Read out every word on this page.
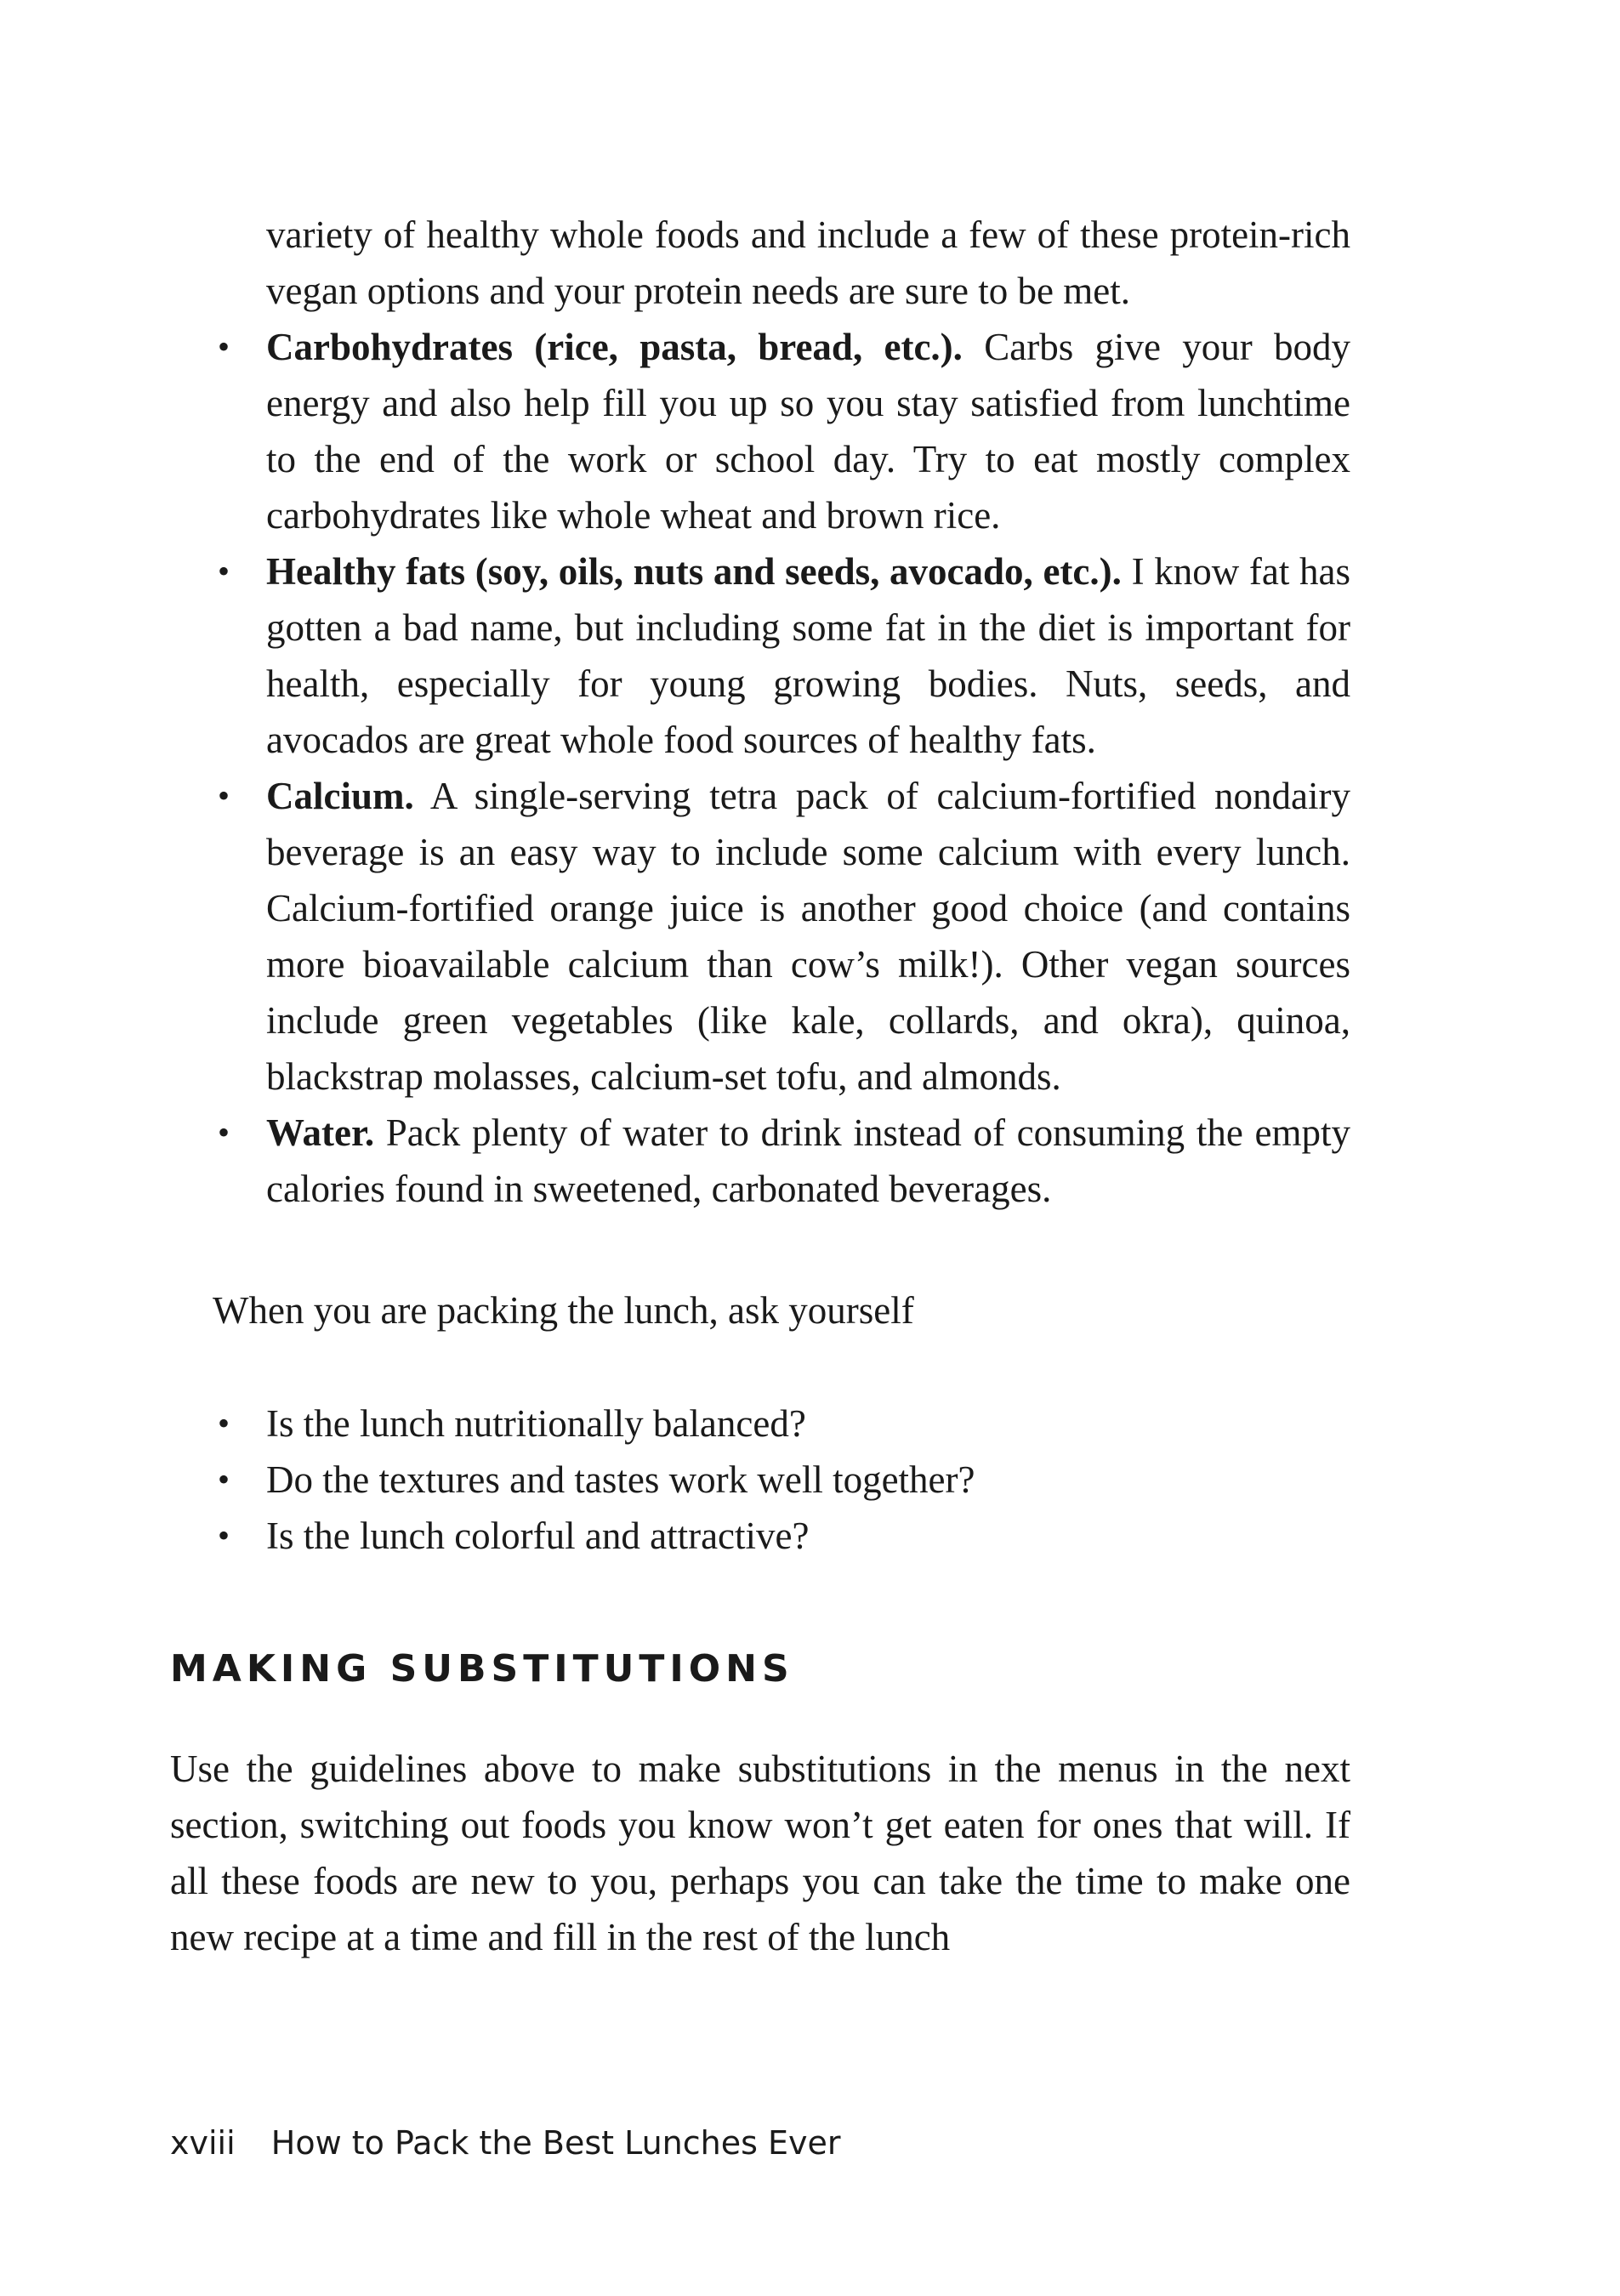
variety of healthy whole foods and include a few of these protein-rich vegan options and your protein needs are sure to be met.

• Carbohydrates (rice, pasta, bread, etc.). Carbs give your body energy and also help fill you up so you stay satisfied from lunchtime to the end of the work or school day. Try to eat mostly complex carbohydrates like whole wheat and brown rice.
• Healthy fats (soy, oils, nuts and seeds, avocado, etc.). I know fat has gotten a bad name, but including some fat in the diet is important for health, especially for young growing bodies. Nuts, seeds, and avocados are great whole food sources of healthy fats.
• Calcium. A single-serving tetra pack of calcium-fortified nondairy beverage is an easy way to include some calcium with every lunch. Calcium-fortified orange juice is another good choice (and contains more bioavailable calcium than cow’s milk!). Other vegan sources include green vegetables (like kale, collards, and okra), quinoa, blackstrap molasses, calcium-set tofu, and almonds.
• Water. Pack plenty of water to drink instead of consuming the empty calories found in sweetened, carbonated beverages.

When you are packing the lunch, ask yourself

• Is the lunch nutritionally balanced?
• Do the textures and tastes work well together?
• Is the lunch colorful and attractive?
MAKING SUBSTITUTIONS

Use the guidelines above to make substitutions in the menus in the next section, switching out foods you know won’t get eaten for ones that will. If all these foods are new to you, perhaps you can take the time to make one new recipe at a time and fill in the rest of the lunch

xviii How to Pack the Best Lunches Ever
